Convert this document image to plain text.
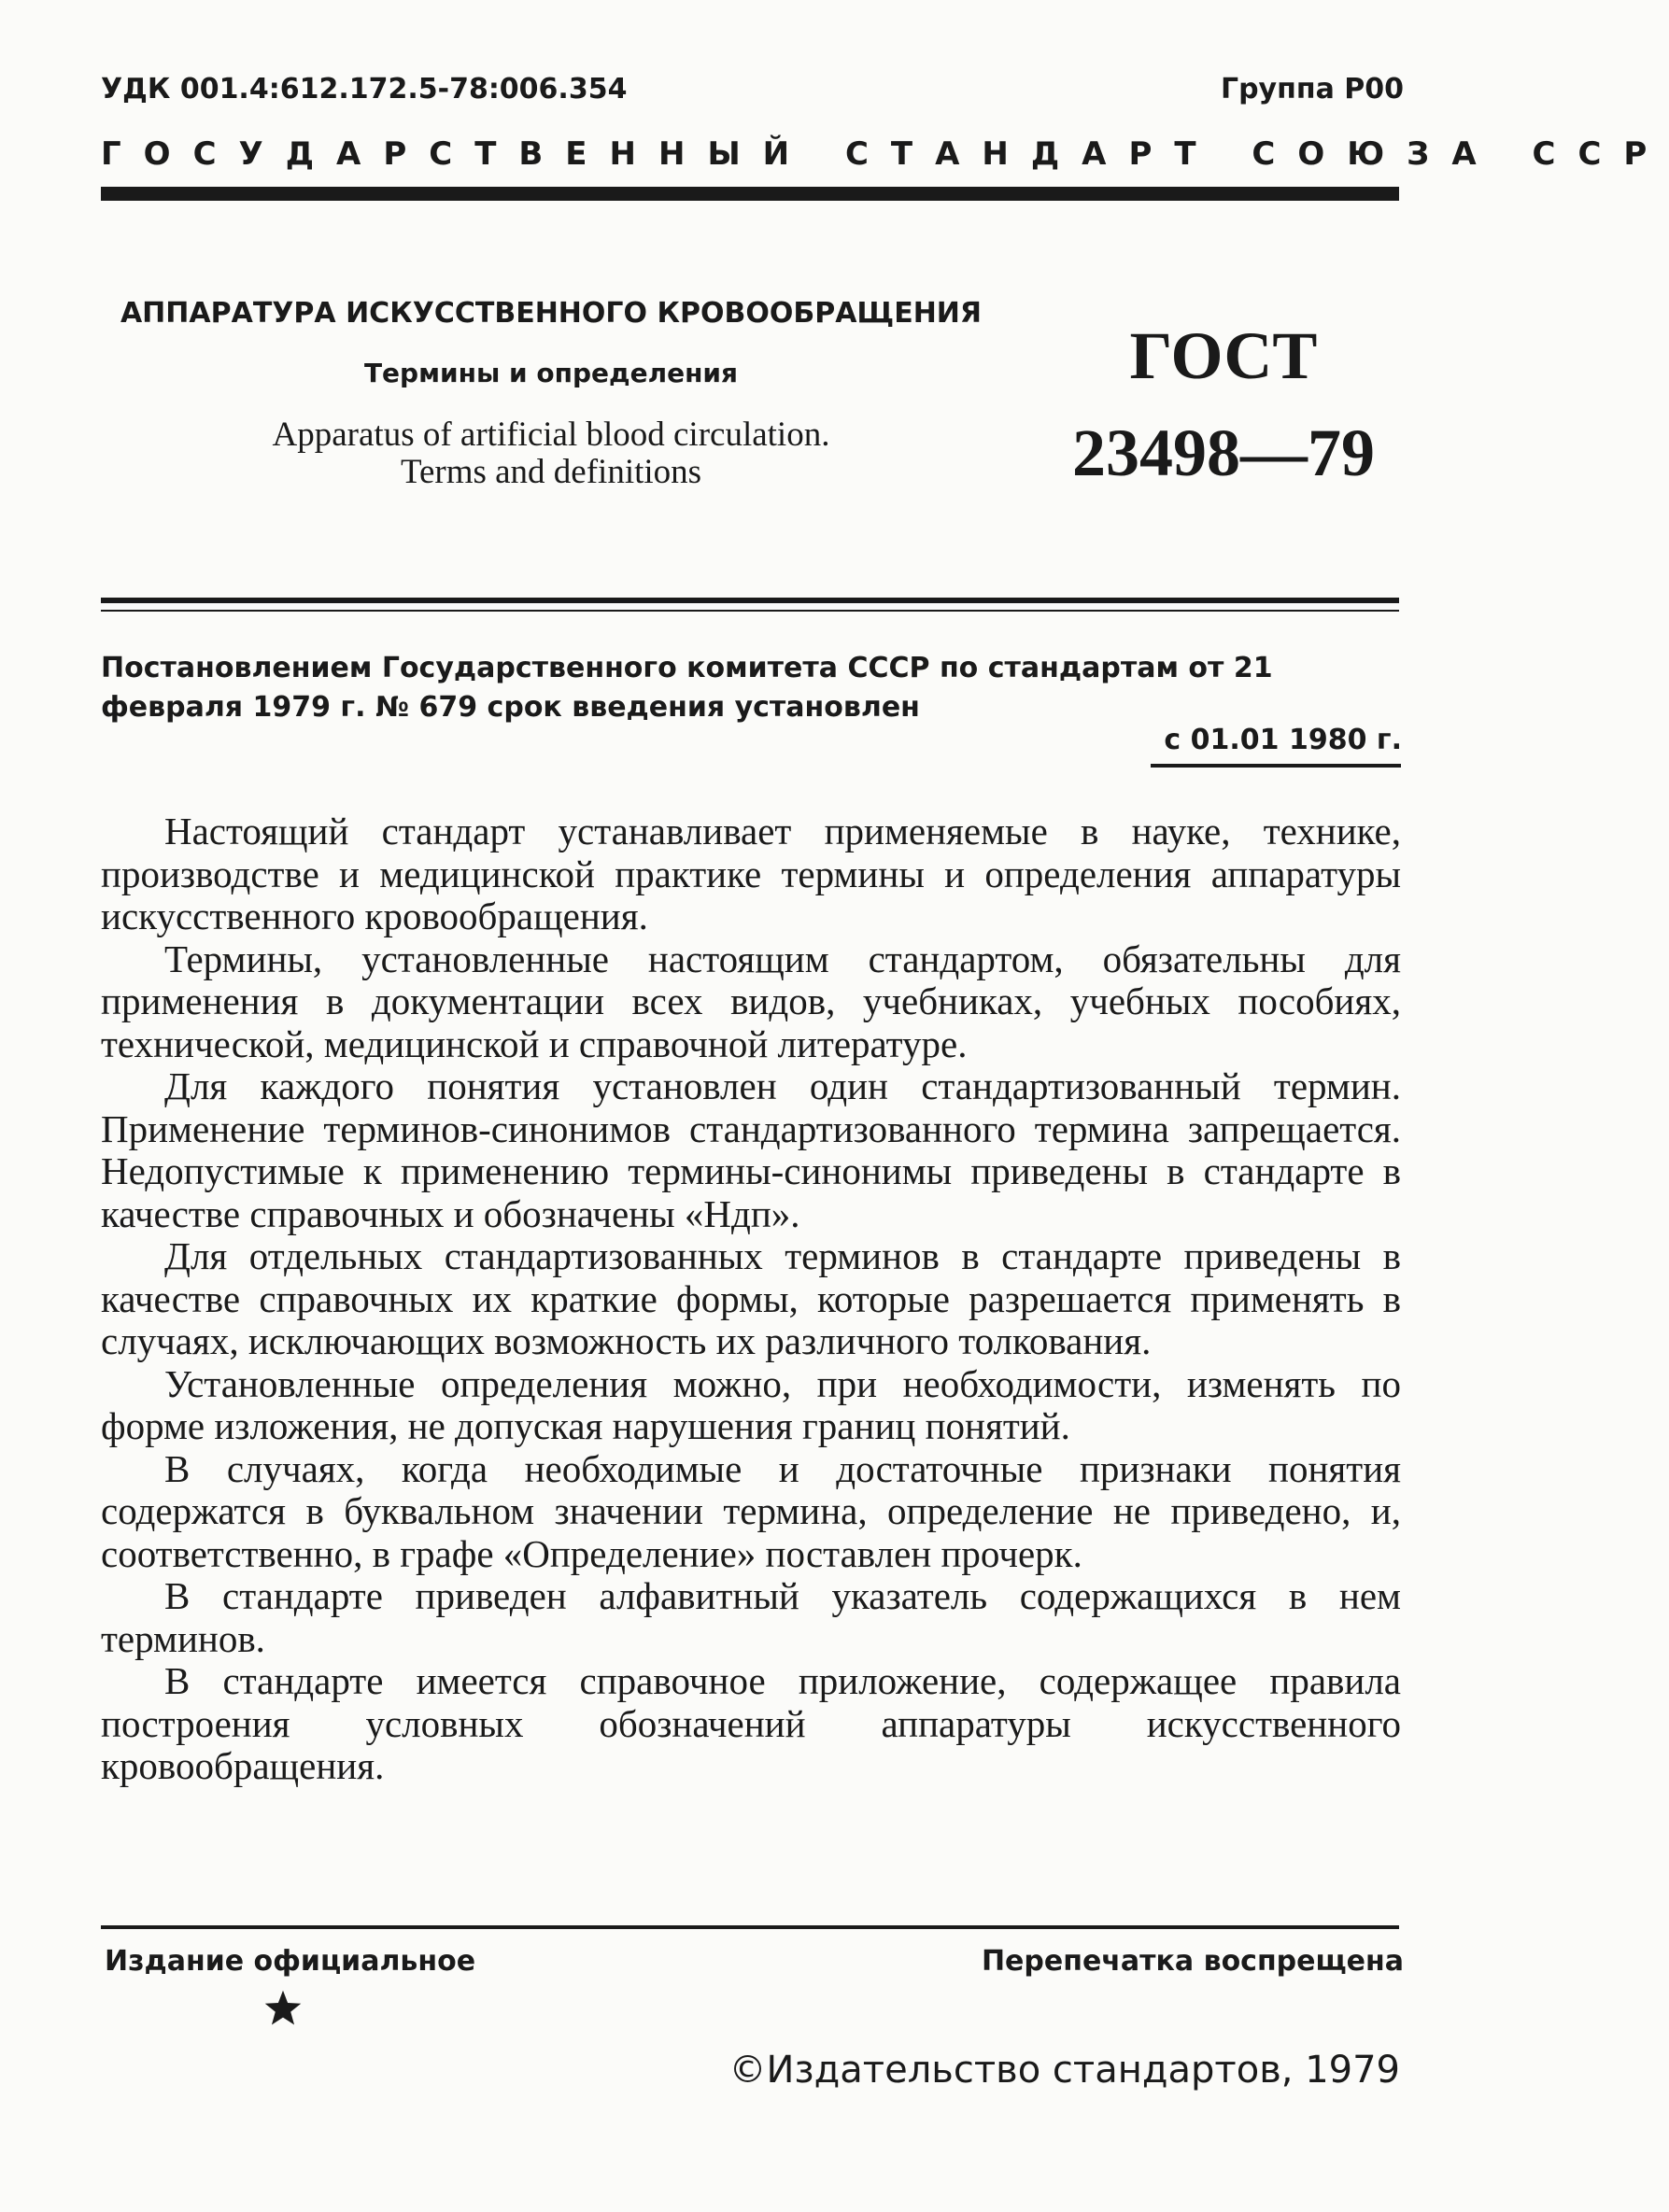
УДК 001.4:612.172.5-78:006.354	Группа Р00
ГОСУДАРСТВЕННЫЙ СТАНДАРТ СОЮЗА ССР
АППАРАТУРА ИСКУССТВЕННОГО КРОВООБРАЩЕНИЯ
Термины и определения
Apparatus of artificial blood circulation.
Terms and definitions
ГОСТ
23498—79
Постановлением Государственного комитета СССР по стандартам от 21 февраля 1979 г. № 679 срок введения установлен
с 01.01 1980 г.

Настоящий стандарт устанавливает применяемые в науке, технике, производстве и медицинской практике термины и определения аппаратуры искусственного кровообращения.

Термины, установленные настоящим стандартом, обязательны для применения в документации всех видов, учебниках, учебных пособиях, технической, медицинской и справочной литературе.

Для каждого понятия установлен один стандартизованный термин. Применение терминов-синонимов стандартизованного термина запрещается. Недопустимые к применению термины-синонимы приведены в стандарте в качестве справочных и обозначены «Ндп».

Для отдельных стандартизованных терминов в стандарте приведены в качестве справочных их краткие формы, которые разрешается применять в случаях, исключающих возможность их различного толкования.

Установленные определения можно, при необходимости, изменять по форме изложения, не допуская нарушения границ понятий.

В случаях, когда необходимые и достаточные признаки понятия содержатся в буквальном значении термина, определение не приведено, и, соответственно, в графе «Определение» поставлен прочерк.

В стандарте приведен алфавитный указатель содержащихся в нем терминов.

В стандарте имеется справочное приложение, содержащее правила построения условных обозначений аппаратуры искусственного кровообращения.

Издание официальное	Перепечатка воспрещена
©Издательство стандартов, 1979
